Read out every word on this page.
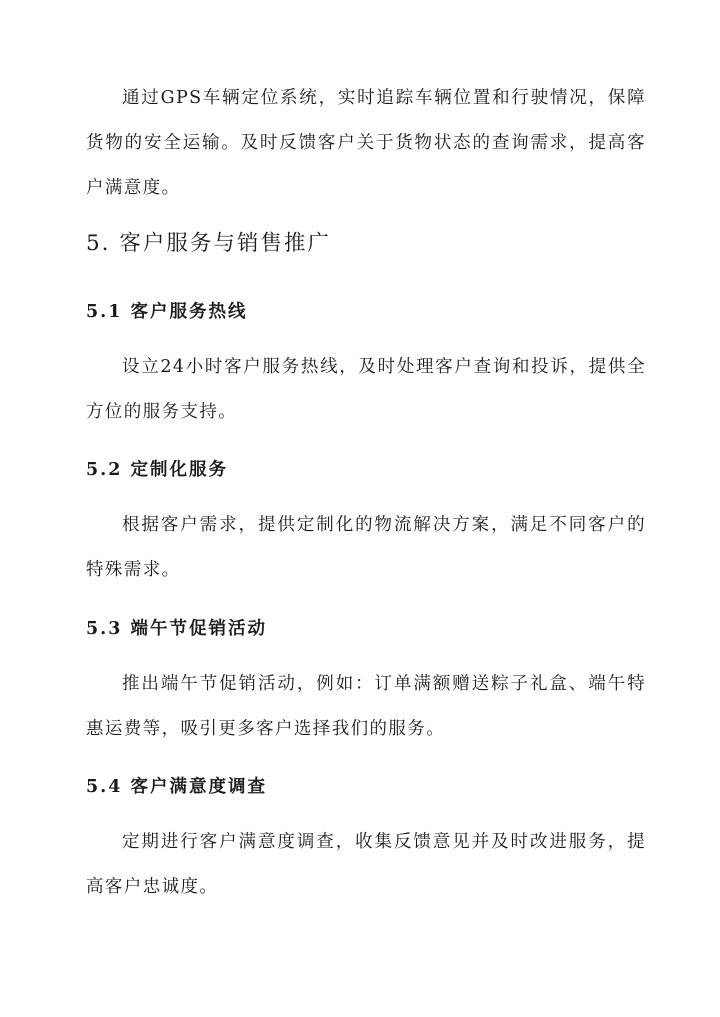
通过GPS车辆定位系统，实时追踪车辆位置和行驶情况，保障货物的安全运输。及时反馈客户关于货物状态的查询需求，提高客户满意度。

5. 客户服务与销售推广
5.1 客户服务热线

设立24小时客户服务热线，及时处理客户查询和投诉，提供全方位的服务支持。

5.2 定制化服务

根据客户需求，提供定制化的物流解决方案，满足不同客户的特殊需求。

5.3 端午节促销活动

推出端午节促销活动，例如：订单满额赠送粽子礼盒、端午特惠运费等，吸引更多客户选择我们的服务。

5.4 客户满意度调查

定期进行客户满意度调查，收集反馈意见并及时改进服务，提高客户忠诚度。
